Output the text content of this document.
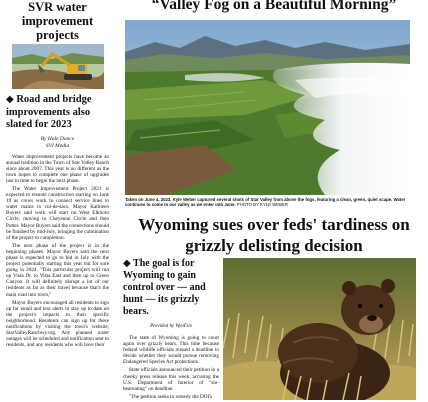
SVR water improvement projects
◆ Road and bridge improvements also slated for 2023
By Hale Dance
SVI Media

Water improvement projects have become an annual tradition in the Town of Star Valley Ranch since about 2007. This year is no different as the town hopes to complete one phase of upgrades just in time to begin the next phase.

The Water Improvement Project 2021 is expected to resume construction starting on June 19 as crews work to connect service lines to water mains in cul-de-sacs. Mayor Kathleen Buyers said work will start on West Elkhorn Circle, moving to Cheyenne Circle and then Potter. Mayor Buyers said the connections should be finished by mid-July, bringing the culmination of the project to completion.

The next phase of the project is in the beginning phases. Mayor Buyers said the next phase is expected to go to bid in July with the project potentially starting this year but for sure going in 2024. "This particular project will run up Vista Dr. to Vista East and then up to Green Canyon. It will definitely disrupt a lot of our residents as far as their travel because that's the main road into town,"

Mayor Buyers encouraged all residents to sign up for email and text alerts to stay up to date on the project's impacts to their specific neighborhood. Residents can sign up for these notifications by visiting the town's website, StarValleyRanchwy.org. Any planned water outages will be scheduled and notification sent to residents, and any residents who will have their

“Valley Fog on a Beautiful Morning”
Taken on June 4, 2023, Kyle Weber captured several shots of Star Valley from above the fogs, featuring a clean, green, quiet scape. Water continues to come to our valley as we enter into June. PHOTO BY KYLE WEBER
Wyoming sues over feds' tardiness on grizzly delisting decision
◆ The goal is for Wyoming to gain control over — and hunt — its grizzly bears.
Provided by WyoFile

The state of Wyoming is going to court again over grizzly bears. This time because federal wildlife officials missed a deadline to decide whether they would pursue removing Endangered Species Act protections.

State officials announced their petition in a cheeky press release this week, accusing the U.S. Department of Interior of "slo-bearnating" on deadline.

"The petition seeks to remedy the DOI's
